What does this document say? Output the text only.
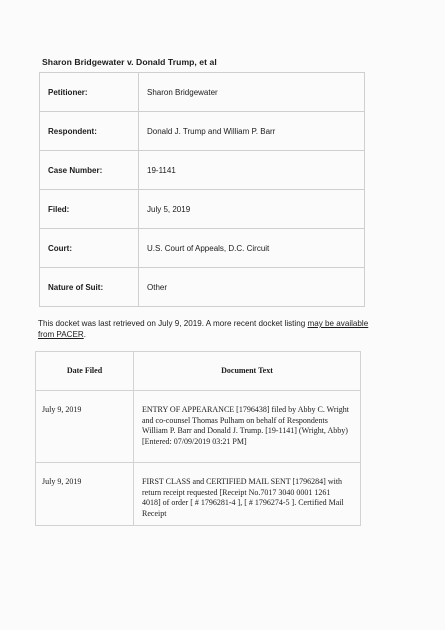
Sharon Bridgewater v. Donald Trump, et al
Petitioner:	Sharon Bridgewater
Respondent:	Donald J. Trump and William P. Barr
Case Number:	19-1141
Filed:	July 5, 2019
Court:	U.S. Court of Appeals, D.C. Circuit
Nature of Suit:	Other
This docket was last retrieved on July 9, 2019. A more recent docket listing may be available from PACER.
Date Filed	Document Text
July 9, 2019	ENTRY OF APPEARANCE [1796438] filed by Abby C. Wright and co-counsel Thomas Pulham on behalf of Respondents William P. Barr and Donald J. Trump. [19-1141] (Wright, Abby) [Entered: 07/09/2019 03:21 PM]
July 9, 2019	FIRST CLASS and CERTIFIED MAIL SENT [1796284] with return receipt requested [Receipt No.7017 3040 0001 1261 4018] of order [ # 1796281-4 ], [ # 1796274-5 ]. Certified Mail Receipt
